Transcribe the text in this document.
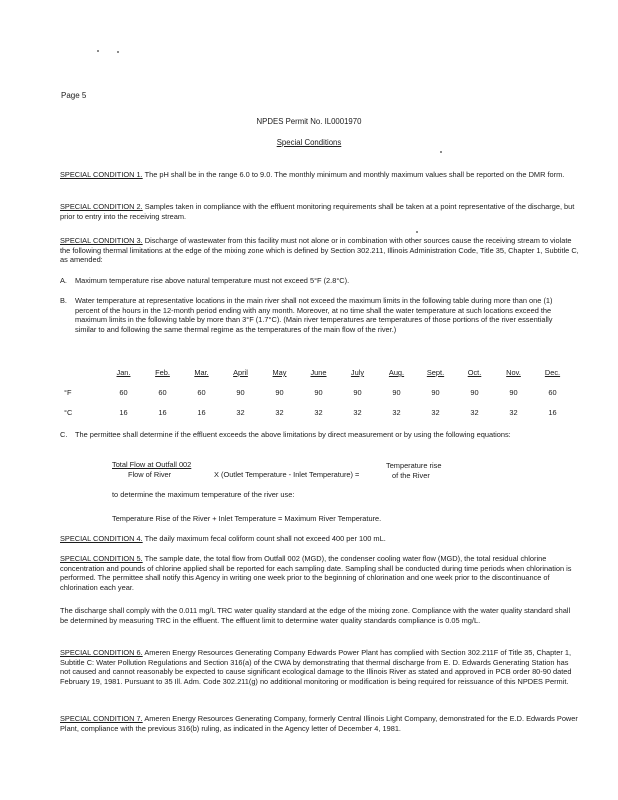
Page 5
NPDES Permit No. IL0001970
Special Conditions
SPECIAL CONDITION 1. The pH shall be in the range 6.0 to 9.0. The monthly minimum and monthly maximum values shall be reported on the DMR form.
SPECIAL CONDITION 2. Samples taken in compliance with the effluent monitoring requirements shall be taken at a point representative of the discharge, but prior to entry into the receiving stream.
SPECIAL CONDITION 3. Discharge of wastewater from this facility must not alone or in combination with other sources cause the receiving stream to violate the following thermal limitations at the edge of the mixing zone which is defined by Section 302.211, Illinois Administration Code, Title 35, Chapter 1, Subtitle C, as amended:
A. Maximum temperature rise above natural temperature must not exceed 5°F (2.8°C).
B. Water temperature at representative locations in the main river shall not exceed the maximum limits in the following table during more than one (1) percent of the hours in the 12-month period ending with any month. Moreover, at no time shall the water temperature at such locations exceed the maximum limits in the following table by more than 3°F (1.7°C). (Main river temperatures are temperatures of those portions of the river essentially similar to and following the same thermal regime as the temperatures of the main flow of the river.)
	Jan.	Feb.	Mar.	April	May	June	July	Aug.	Sept.	Oct.	Nov.	Dec.
°F	60	60	60	90	90	90	90	90	90	90	90	60
°C	16	16	16	32	32	32	32	32	32	32	32	16
C. The permittee shall determine if the effluent exceeds the above limitations by direct measurement or by using the following equations:
Total Flow at Outfall 002
Flow of River	X (Outlet Temperature - Inlet Temperature) =
Temperature rise
of the River
to determine the maximum temperature of the river use:
Temperature Rise of the River + Inlet Temperature = Maximum River Temperature.
SPECIAL CONDITION 4. The daily maximum fecal coliform count shall not exceed 400 per 100 mL.
SPECIAL CONDITION 5. The sample date, the total flow from Outfall 002 (MGD), the condenser cooling water flow (MGD), the total residual chlorine concentration and pounds of chlorine applied shall be reported for each sampling date. Sampling shall be conducted during time periods when chlorination is performed. The permittee shall notify this Agency in writing one week prior to the beginning of chlorination and one week prior to the discontinuance of chlorination each year.
The discharge shall comply with the 0.011 mg/L TRC water quality standard at the edge of the mixing zone. Compliance with the water quality standard shall be determined by measuring TRC in the effluent. The effluent limit to determine water quality standards compliance is 0.05 mg/L.
SPECIAL CONDITION 6. Ameren Energy Resources Generating Company Edwards Power Plant has complied with Section 302.211F of Title 35, Chapter 1, Subtitle C: Water Pollution Regulations and Section 316(a) of the CWA by demonstrating that thermal discharge from E. D. Edwards Generating Station has not caused and cannot reasonably be expected to cause significant ecological damage to the Illinois River as stated and approved in PCB order 80-90 dated February 19, 1981. Pursuant to 35 Ill. Adm. Code 302.211(g) no additional monitoring or modification is being required for reissuance of this NPDES Permit.
SPECIAL CONDITION 7. Ameren Energy Resources Generating Company, formerly Central Illinois Light Company, demonstrated for the E.D. Edwards Power Plant, compliance with the previous 316(b) ruling, as indicated in the Agency letter of December 4, 1981.
